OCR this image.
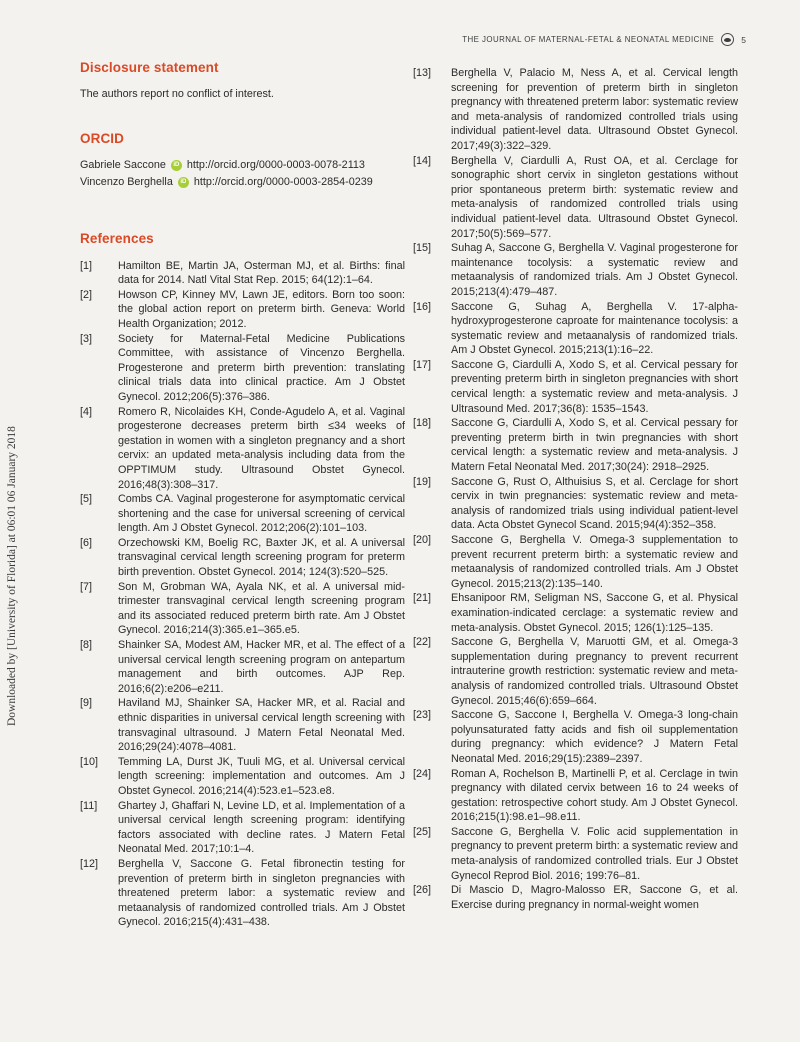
THE JOURNAL OF MATERNAL-FETAL & NEONATAL MEDICINE	5
Downloaded by [University of Florida] at 06:01 06 January 2018
Disclosure statement

The authors report no conflict of interest.

ORCID
Gabriele Saccone	iD http://orcid.org/0000-0003-0078-2113
Vincenzo Berghella	iD http://orcid.org/0000-0003-2854-0239
References
[1]	Hamilton BE, Martin JA, Osterman MJ, et al. Births: final data for 2014. Natl Vital Stat Rep. 2015; 64(12):1–64.
[2]	Howson CP, Kinney MV, Lawn JE, editors. Born too soon: the global action report on preterm birth. Geneva: World Health Organization; 2012.
[3]	Society for Maternal-Fetal Medicine Publications Committee, with assistance of Vincenzo Berghella. Progesterone and preterm birth prevention: translating clinical trials data into clinical practice. Am J Obstet Gynecol. 2012;206(5):376–386.
[4]	Romero R, Nicolaides KH, Conde-Agudelo A, et al. Vaginal progesterone decreases preterm birth ≤34 weeks of gestation in women with a singleton pregnancy and a short cervix: an updated meta-analysis including data from the OPPTIMUM study. Ultrasound Obstet Gynecol. 2016;48(3):308–317.
[5]	Combs CA. Vaginal progesterone for asymptomatic cervical shortening and the case for universal screening of cervical length. Am J Obstet Gynecol. 2012;206(2):101–103.
[6]	Orzechowski KM, Boelig RC, Baxter JK, et al. A universal transvaginal cervical length screening program for preterm birth prevention. Obstet Gynecol. 2014; 124(3):520–525.
[7]	Son M, Grobman WA, Ayala NK, et al. A universal mid-trimester transvaginal cervical length screening program and its associated reduced preterm birth rate. Am J Obstet Gynecol. 2016;214(3):365.e1–365.e5.
[8]	Shainker SA, Modest AM, Hacker MR, et al. The effect of a universal cervical length screening program on antepartum management and birth outcomes. AJP Rep. 2016;6(2):e206–e211.
[9]	Haviland MJ, Shainker SA, Hacker MR, et al. Racial and ethnic disparities in universal cervical length screening with transvaginal ultrasound. J Matern Fetal Neonatal Med. 2016;29(24):4078–4081.
[10]	Temming LA, Durst JK, Tuuli MG, et al. Universal cervical length screening: implementation and outcomes. Am J Obstet Gynecol. 2016;214(4):523.e1–523.e8.
[11]	Ghartey J, Ghaffari N, Levine LD, et al. Implementation of a universal cervical length screening program: identifying factors associated with decline rates. J Matern Fetal Neonatal Med. 2017;10:1–4.
[12]	Berghella V, Saccone G. Fetal fibronectin testing for prevention of preterm birth in singleton pregnancies with threatened preterm labor: a systematic review and metaanalysis of randomized controlled trials. Am J Obstet Gynecol. 2016;215(4):431–438.
[13]	Berghella V, Palacio M, Ness A, et al. Cervical length screening for prevention of preterm birth in singleton pregnancy with threatened preterm labor: systematic review and meta-analysis of randomized controlled trials using individual patient-level data. Ultrasound Obstet Gynecol. 2017;49(3):322–329.
[14]	Berghella V, Ciardulli A, Rust OA, et al. Cerclage for sonographic short cervix in singleton gestations without prior spontaneous preterm birth: systematic review and meta-analysis of randomized controlled trials using individual patient-level data. Ultrasound Obstet Gynecol. 2017;50(5):569–577.
[15]	Suhag A, Saccone G, Berghella V. Vaginal progesterone for maintenance tocolysis: a systematic review and metaanalysis of randomized trials. Am J Obstet Gynecol. 2015;213(4):479–487.
[16]	Saccone G, Suhag A, Berghella V. 17-alpha-hydroxyprogesterone caproate for maintenance tocolysis: a systematic review and metaanalysis of randomized trials. Am J Obstet Gynecol. 2015;213(1):16–22.
[17]	Saccone G, Ciardulli A, Xodo S, et al. Cervical pessary for preventing preterm birth in singleton pregnancies with short cervical length: a systematic review and meta-analysis. J Ultrasound Med. 2017;36(8): 1535–1543.
[18]	Saccone G, Ciardulli A, Xodo S, et al. Cervical pessary for preventing preterm birth in twin pregnancies with short cervical length: a systematic review and meta-analysis. J Matern Fetal Neonatal Med. 2017;30(24): 2918–2925.
[19]	Saccone G, Rust O, Althuisius S, et al. Cerclage for short cervix in twin pregnancies: systematic review and meta-analysis of randomized trials using individual patient-level data. Acta Obstet Gynecol Scand. 2015;94(4):352–358.
[20]	Saccone G, Berghella V. Omega-3 supplementation to prevent recurrent preterm birth: a systematic review and metaanalysis of randomized controlled trials. Am J Obstet Gynecol. 2015;213(2):135–140.
[21]	Ehsanipoor RM, Seligman NS, Saccone G, et al. Physical examination-indicated cerclage: a systematic review and meta-analysis. Obstet Gynecol. 2015; 126(1):125–135.
[22]	Saccone G, Berghella V, Maruotti GM, et al. Omega-3 supplementation during pregnancy to prevent recurrent intrauterine growth restriction: systematic review and meta-analysis of randomized controlled trials. Ultrasound Obstet Gynecol. 2015;46(6):659–664.
[23]	Saccone G, Saccone I, Berghella V. Omega-3 long-chain polyunsaturated fatty acids and fish oil supplementation during pregnancy: which evidence? J Matern Fetal Neonatal Med. 2016;29(15):2389–2397.
[24]	Roman A, Rochelson B, Martinelli P, et al. Cerclage in twin pregnancy with dilated cervix between 16 to 24 weeks of gestation: retrospective cohort study. Am J Obstet Gynecol. 2016;215(1):98.e1–98.e11.
[25]	Saccone G, Berghella V. Folic acid supplementation in pregnancy to prevent preterm birth: a systematic review and meta-analysis of randomized controlled trials. Eur J Obstet Gynecol Reprod Biol. 2016; 199:76–81.
[26]	Di Mascio D, Magro-Malosso ER, Saccone G, et al. Exercise during pregnancy in normal-weight women
